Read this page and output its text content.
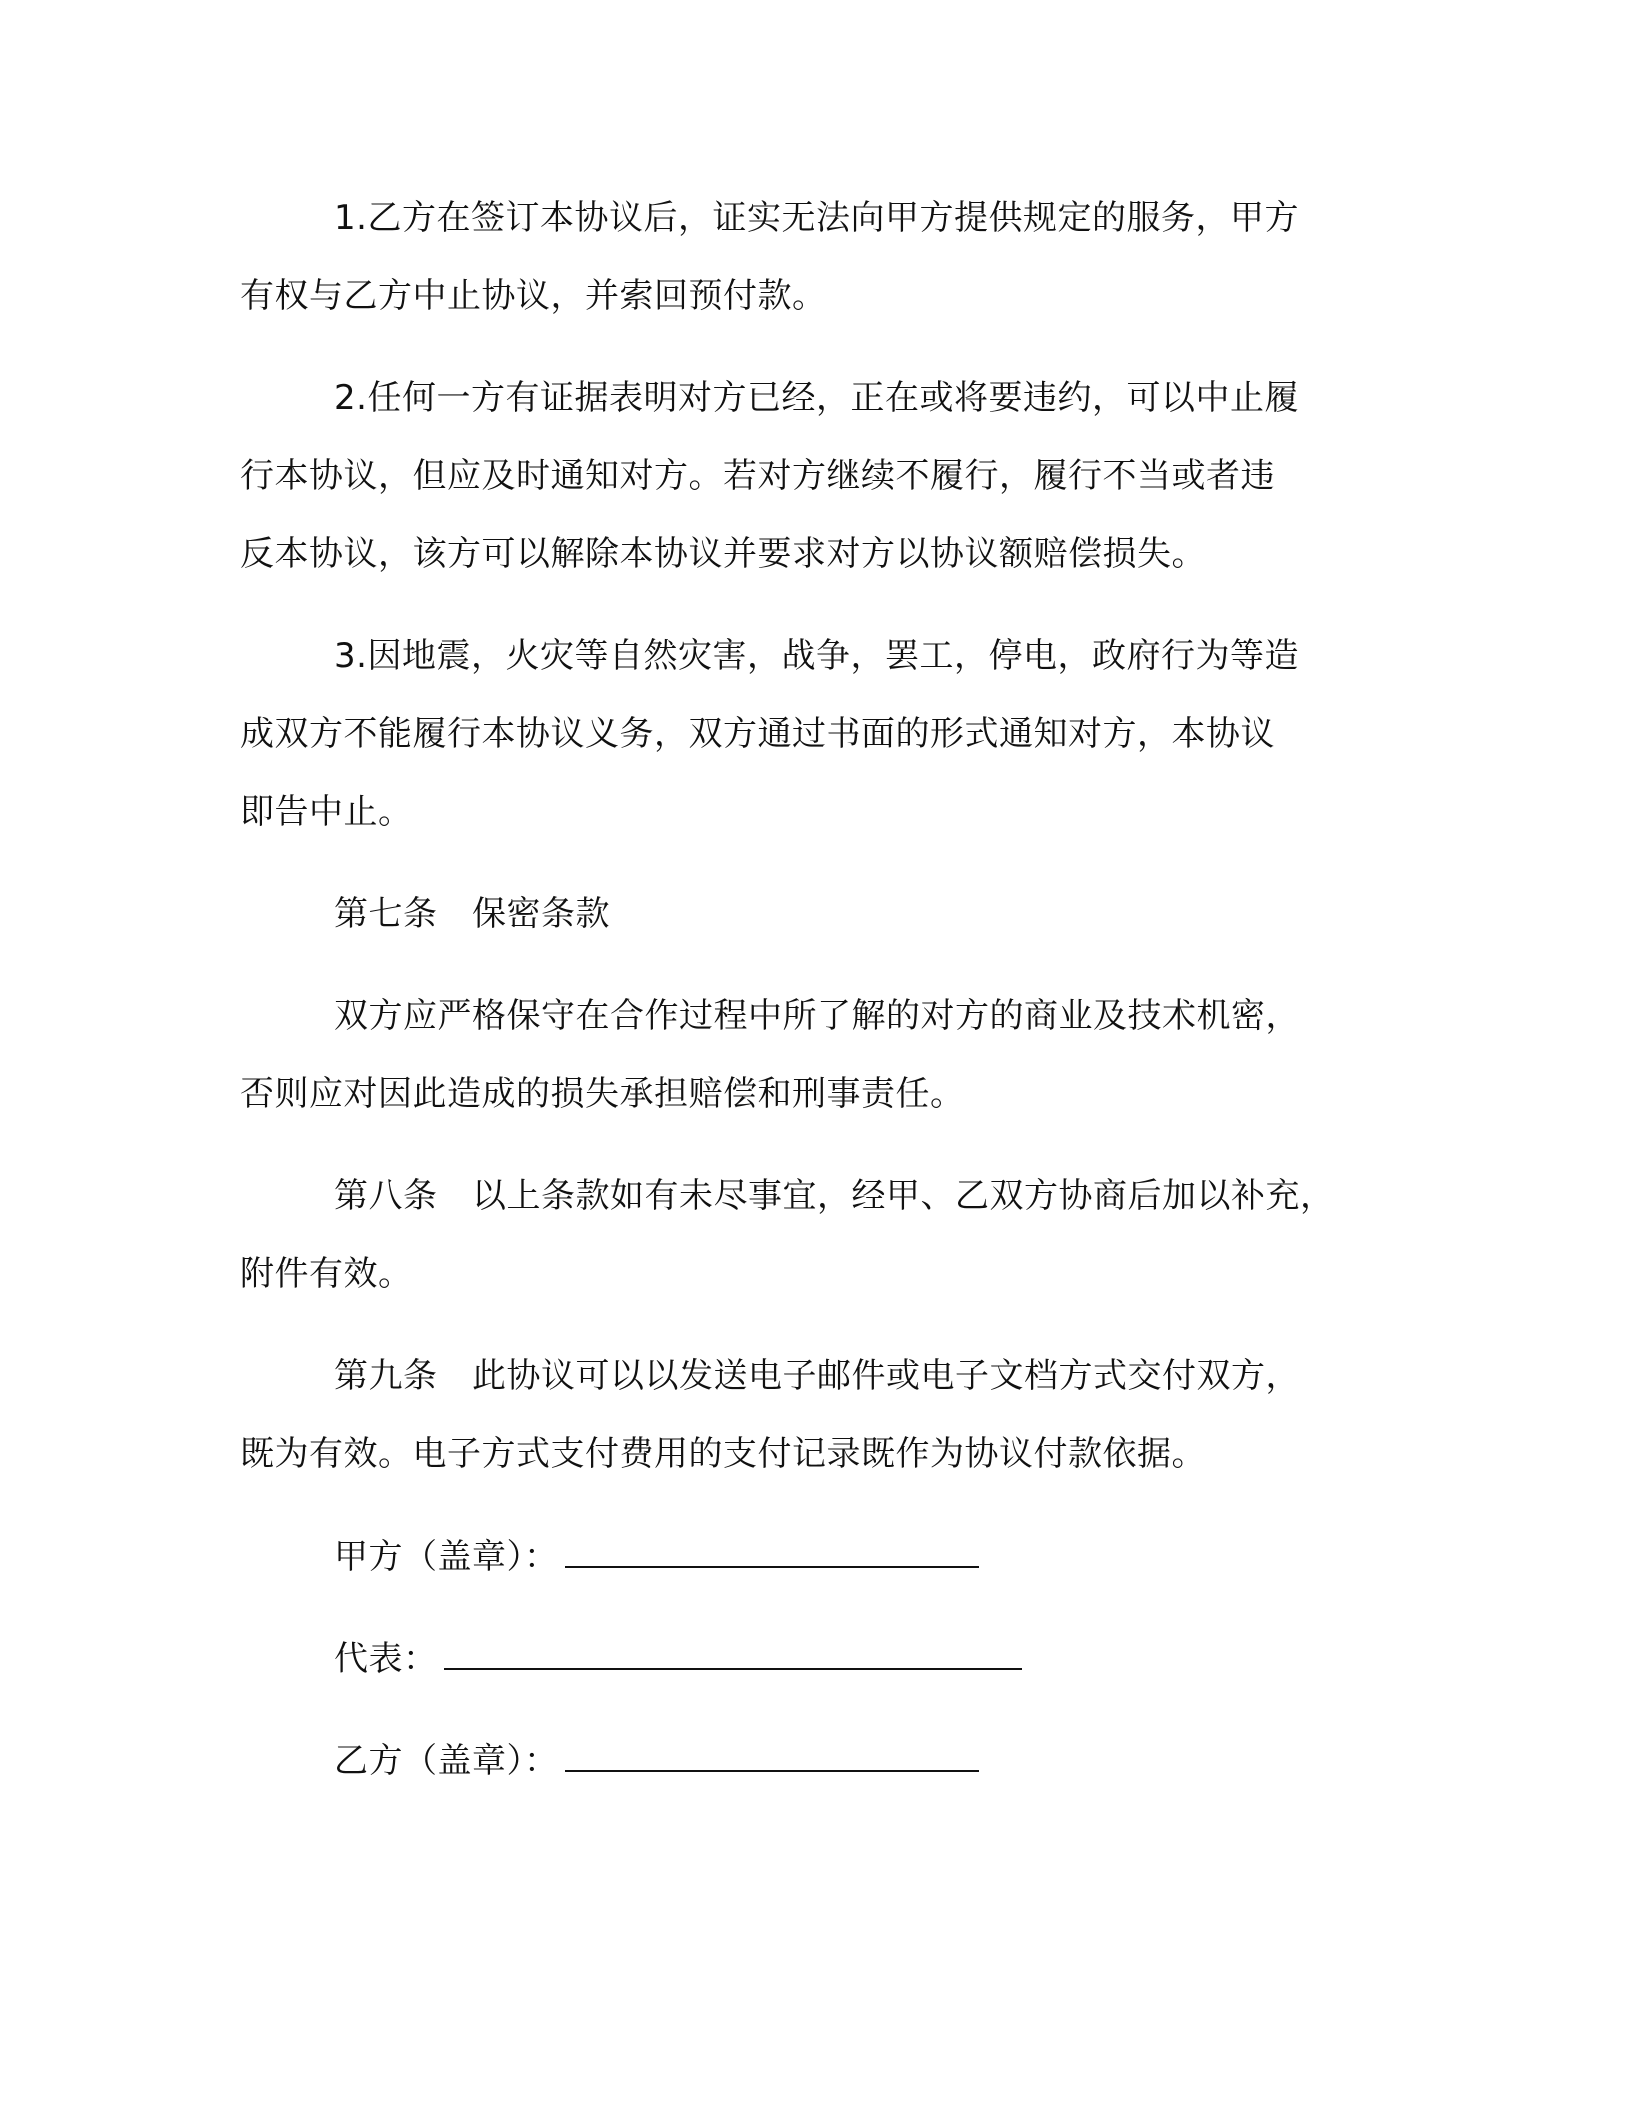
1.乙方在签订本协议后，证实无法向甲方提供规定的服务，甲方
有权与乙方中止协议，并索回预付款。
2.任何一方有证据表明对方已经，正在或将要违约，可以中止履
行本协议，但应及时通知对方。若对方继续不履行，履行不当或者违
反本协议，该方可以解除本协议并要求对方以协议额赔偿损失。
3.因地震，火灾等自然灾害，战争，罢工，停电，政府行为等造
成双方不能履行本协议义务，双方通过书面的形式通知对方，本协议
即告中止。
第七条　保密条款
双方应严格保守在合作过程中所了解的对方的商业及技术机密，
否则应对因此造成的损失承担赔偿和刑事责任。
第八条　以上条款如有未尽事宜，经甲、乙双方协商后加以补充，
附件有效。
第九条　此协议可以以发送电子邮件或电子文档方式交付双方，
既为有效。电子方式支付费用的支付记录既作为协议付款依据。
甲方（盖章）：
代表：
乙方（盖章）：
